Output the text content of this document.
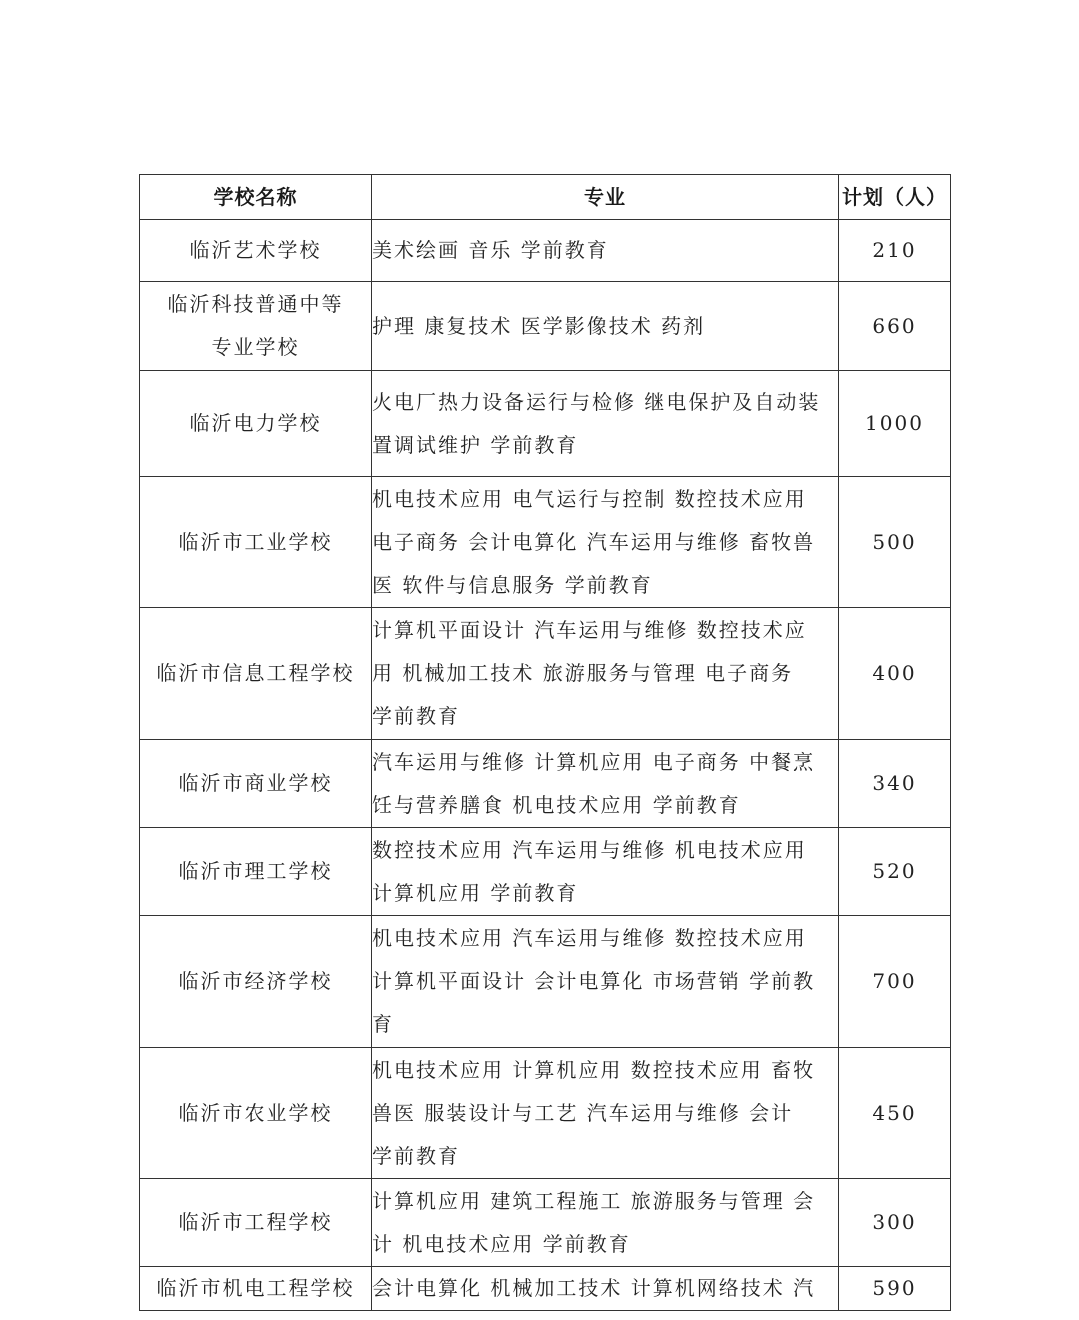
学校名称	专业	计划（人）

临沂艺术学校	美术绘画 音乐 学前教育	210

临沂科技普通中等
专业学校	护理 康复技术 医学影像技术 药剂	660

临沂电力学校	火电厂热力设备运行与检修 继电保护及自动装
置调试维护 学前教育	1000

临沂市工业学校	机电技术应用 电气运行与控制 数控技术应用
电子商务 会计电算化 汽车运用与维修 畜牧兽
医 软件与信息服务 学前教育	500

临沂市信息工程学校	计算机平面设计 汽车运用与维修 数控技术应
用 机械加工技术 旅游服务与管理 电子商务
学前教育	400

临沂市商业学校	汽车运用与维修 计算机应用 电子商务 中餐烹
饪与营养膳食 机电技术应用 学前教育	340

临沂市理工学校	数控技术应用 汽车运用与维修 机电技术应用
计算机应用 学前教育	520

临沂市经济学校	机电技术应用 汽车运用与维修 数控技术应用
计算机平面设计 会计电算化 市场营销 学前教
育	700

临沂市农业学校	机电技术应用 计算机应用 数控技术应用 畜牧
兽医 服装设计与工艺 汽车运用与维修 会计
学前教育	450

临沂市工程学校	计算机应用 建筑工程施工 旅游服务与管理 会
计 机电技术应用 学前教育	300

临沂市机电工程学校	会计电算化 机械加工技术 计算机网络技术 汽	590
